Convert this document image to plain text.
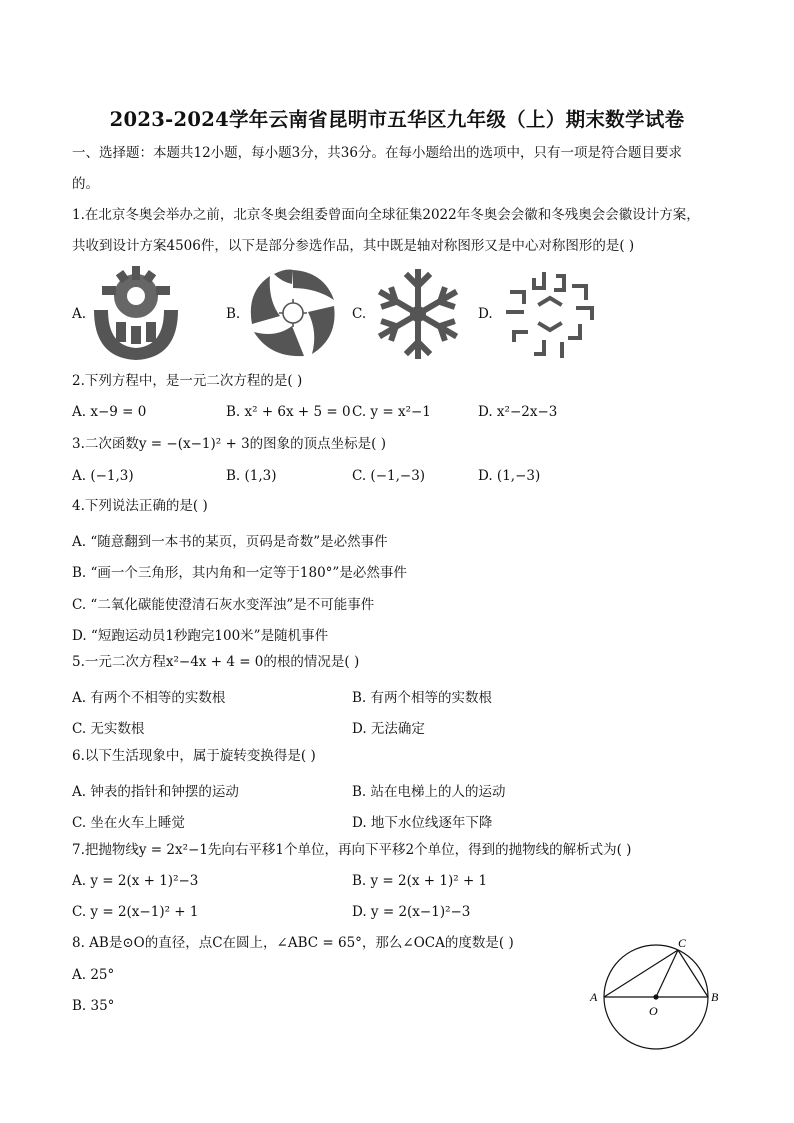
2023-2024学年云南省昆明市五华区九年级（上）期末数学试卷
一、选择题：本题共12小题，每小题3分，共36分。在每小题给出的选项中，只有一项是符合题目要求
的。
1.在北京冬奥会举办之前，北京冬奥会组委曾面向全球征集2022年冬奥会会徽和冬残奥会会徽设计方案，
共收到设计方案4506件，以下是部分参选作品，其中既是轴对称图形又是中心对称图形的是( )
A.	B.	C.	D.
2.下列方程中，是一元二次方程的是( )
A. x−9 = 0	B. x² + 6x + 5 = 0 C. y = x²−1	D. x²−2x−3
3.二次函数y = −(x−1)² + 3的图象的顶点坐标是( )
A. (−1,3)	B. (1,3)	C. (−1,−3)	D. (1,−3)
4.下列说法正确的是( )
A. “随意翻到一本书的某页，页码是奇数”是必然事件
B. “画一个三角形，其内角和一定等于180°”是必然事件
C. “二氧化碳能使澄清石灰水变浑浊”是不可能事件
D. “短跑运动员1秒跑完100米”是随机事件
5.一元二次方程x²−4x + 4 = 0的根的情况是( )
A. 有两个不相等的实数根	B. 有两个相等的实数根
C. 无实数根	D. 无法确定
6.以下生活现象中，属于旋转变换得是( )
A. 钟表的指针和钟摆的运动	B. 站在电梯上的人的运动
C. 坐在火车上睡觉	D. 地下水位线逐年下降
7.把抛物线y = 2x²−1先向右平移1个单位，再向下平移2个单位，得到的抛物线的解析式为( )
A. y = 2(x + 1)²−3	B. y = 2(x + 1)² + 1
C. y = 2(x−1)² + 1	D. y = 2(x−1)²−3
8. AB是⊙O的直径，点C在圆上，∠ABC = 65°，那么∠OCA的度数是( )
A. 25°
B. 35°
A	B
C
O
